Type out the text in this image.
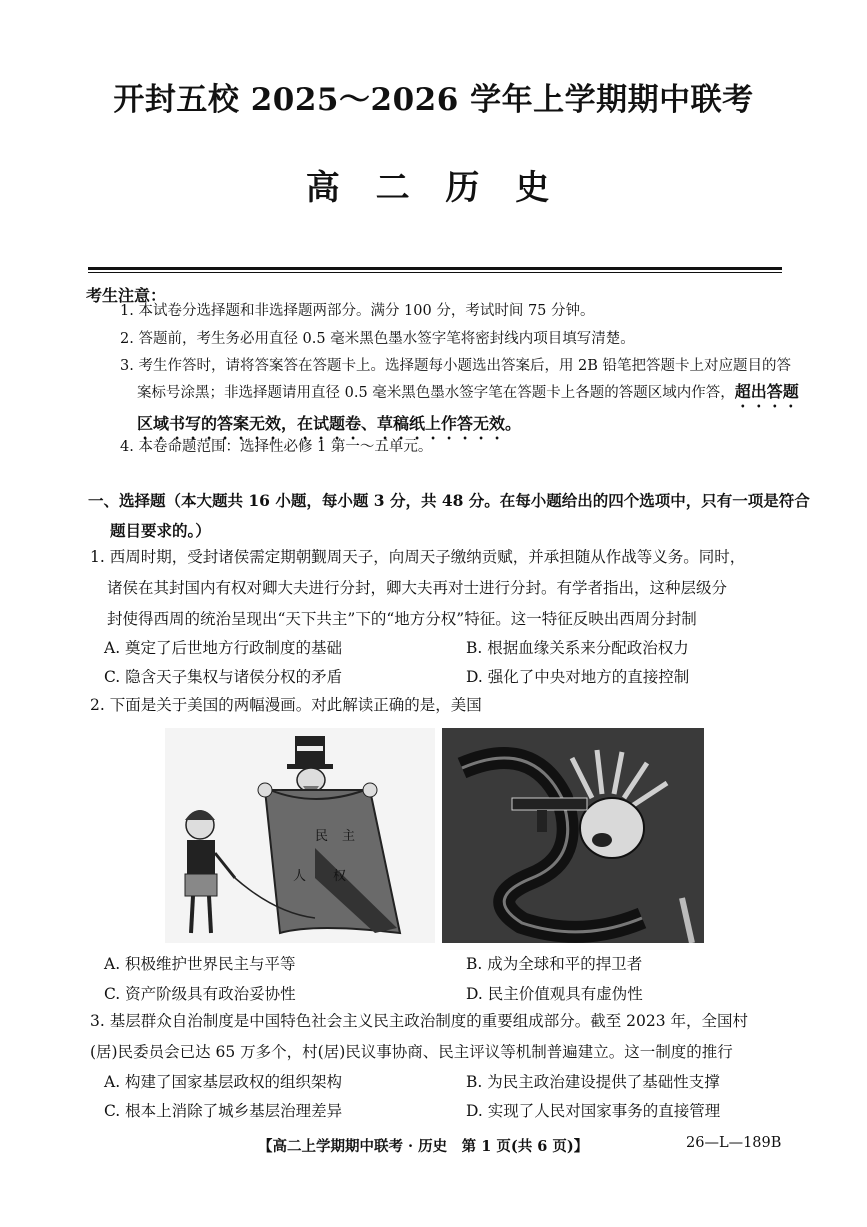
开封五校 2025～2026 学年上学期期中联考
高 二 历 史
考生注意：
1. 本试卷分选择题和非选择题两部分。满分 100 分，考试时间 75 分钟。
2. 答题前，考生务必用直径 0.5 毫米黑色墨水签字笔将密封线内项目填写清楚。
3. 考生作答时，请将答案答在答题卡上。选择题每小题选出答案后，用 2B 铅笔把答题卡上对应题目的答案标号涂黑；非选择题请用直径 0.5 毫米黑色墨水签字笔在答题卡上各题的答题区域内作答，超出答题区域书写的答案无效，在试题卷、草稿纸上作答无效。
4. 本卷命题范围：选择性必修 1 第一～五单元。
一、选择题（本大题共 16 小题，每小题 3 分，共 48 分。在每小题给出的四个选项中，只有一项是符合题目要求的。）
1. 西周时期，受封诸侯需定期朝觐周天子，向周天子缴纳贡赋，并承担随从作战等义务。同时，
诸侯在其封国内有权对卿大夫进行分封，卿大夫再对士进行分封。有学者指出，这种层级分
封使得西周的统治呈现出“天下共主”下的“地方分权”特征。这一特征反映出西周分封制
A. 奠定了后世地方行政制度的基础	B. 根据血缘关系来分配政治权力
C. 隐含天子集权与诸侯分权的矛盾	D. 强化了中央对地方的直接控制
2. 下面是关于美国的两幅漫画。对此解读正确的是，美国
民 主
人 权
A. 积极维护世界民主与平等	B. 成为全球和平的捍卫者
C. 资产阶级具有政治妥协性	D. 民主价值观具有虚伪性
3. 基层群众自治制度是中国特色社会主义民主政治制度的重要组成部分。截至 2023 年，全国村
(居)民委员会已达 65 万多个，村(居)民议事协商、民主评议等机制普遍建立。这一制度的推行
A. 构建了国家基层政权的组织架构	B. 为民主政治建设提供了基础性支撑
C. 根本上消除了城乡基层治理差异	D. 实现了人民对国家事务的直接管理
【高二上学期期中联考 · 历史　第 1 页(共 6 页)】	26—L—189B
